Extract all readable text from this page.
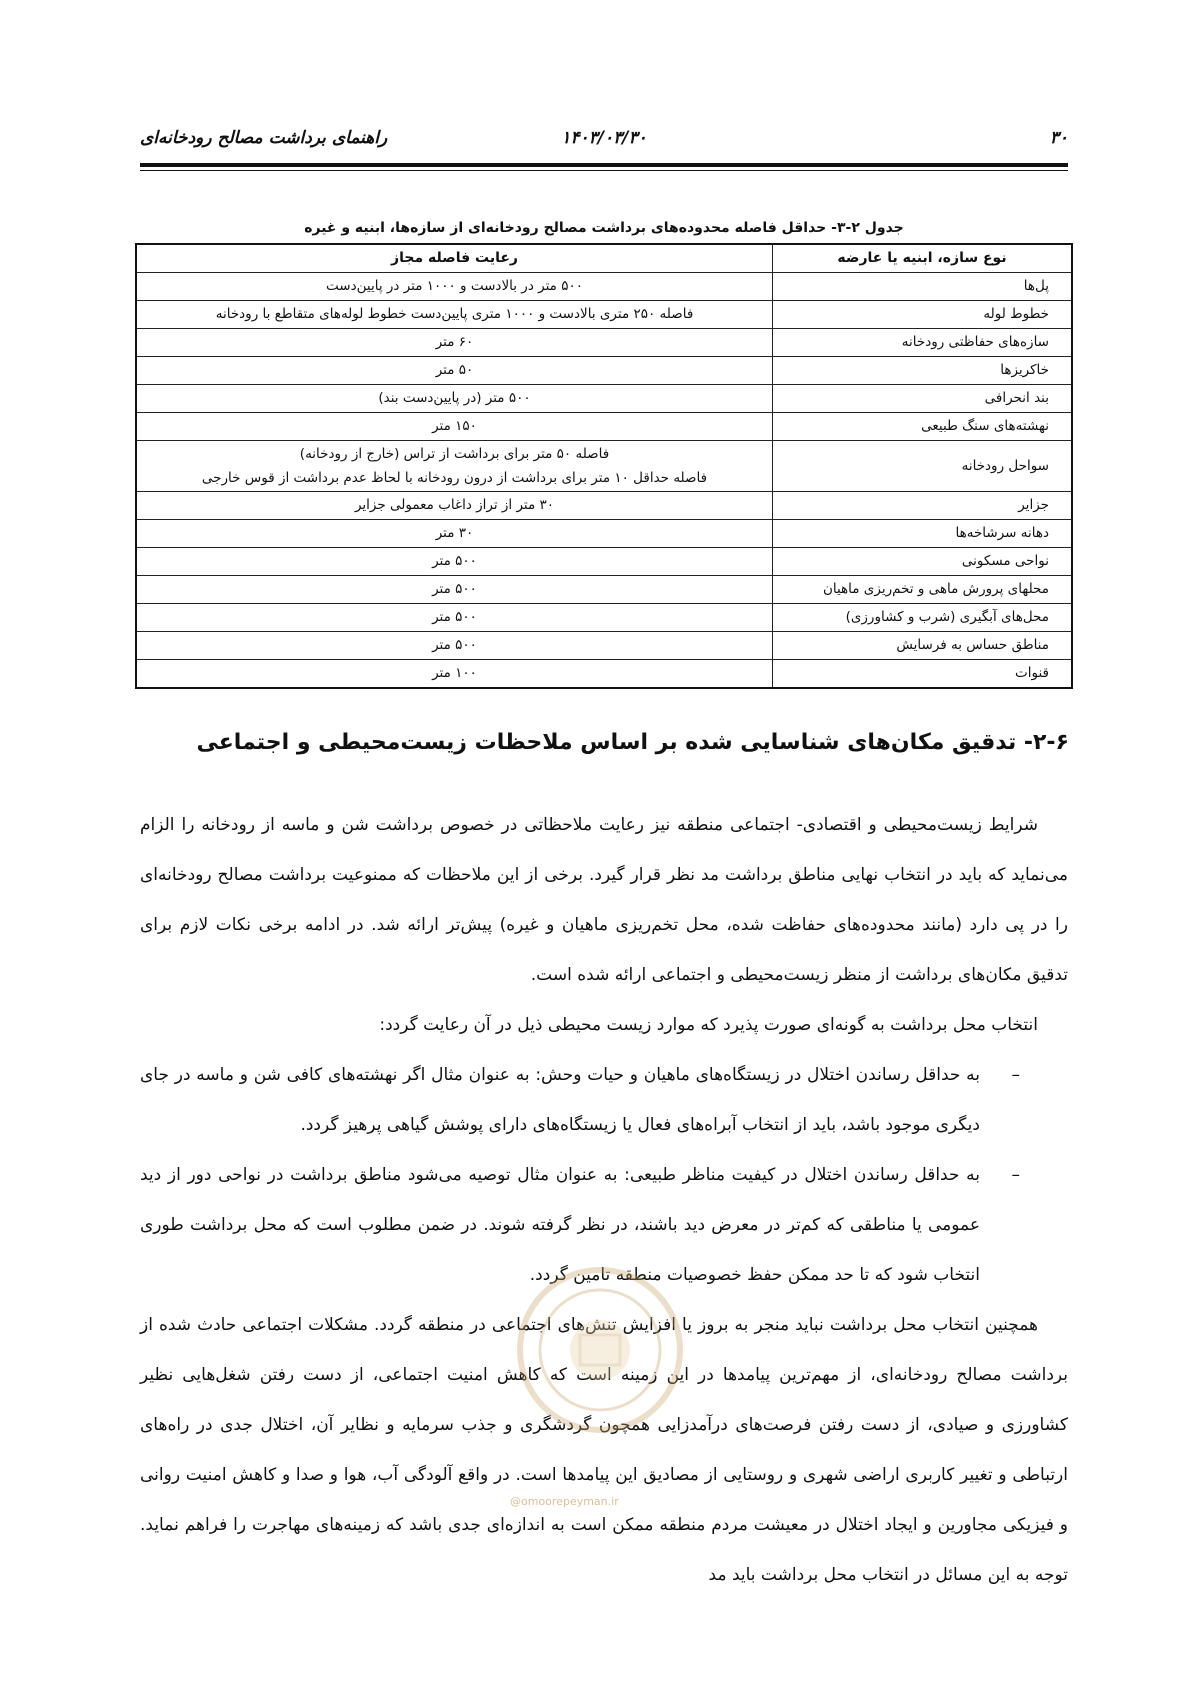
۳۰
۱۴۰۳/۰۳/۳۰
راهنمای برداشت مصالح رودخانه‌ای
جدول ۲-۳- حداقل فاصله محدوده‌های برداشت مصالح رودخانه‌ای از سازه‌ها، ابنیه و غیره
نوع سازه، ابنیه یا عارضه	رعایت فاصله مجاز
پل‌ها	۵۰۰ متر در بالادست و ۱۰۰۰ متر در پایین‌دست
خطوط لوله	فاصله ۲۵۰ متری بالادست و ۱۰۰۰ متری پایین‌دست خطوط لوله‌های متقاطع با رودخانه
سازه‌های حفاظتی رودخانه	۶۰ متر
خاکریزها	۵۰ متر
بند انحرافی	۵۰۰ متر (در پایین‌دست بند)
نهشته‌های سنگ طبیعی	۱۵۰ متر
سواحل رودخانه	فاصله ۵۰ متر برای برداشت از تراس (خارج از رودخانه)
فاصله حداقل ۱۰ متر برای برداشت از درون رودخانه با لحاظ عدم برداشت از قوس خارجی

جزایر	۳۰ متر از تراز داغاب معمولی جزایر
دهانه سرشاخه‌ها	۳۰ متر
نواحی مسکونی	۵۰۰ متر
محلهای پرورش ماهی و تخم‌ریزی ماهیان	۵۰۰ متر
محل‌های آبگیری (شرب و کشاورزی)	۵۰۰ متر
مناطق حساس به فرسایش	۵۰۰ متر
قنوات	۱۰۰ متر
۲-۶- تدقیق مکان‌های شناسایی شده بر اساس ملاحظات زیست‌محیطی و اجتماعی

شرایط زیست‌محیطی و اقتصادی- اجتماعی منطقه نیز رعایت ملاحظاتی در خصوص برداشت شن و ماسه از رودخانه را الزام می‌نماید که باید در انتخاب نهایی مناطق برداشت مد نظر قرار گیرد. برخی از این ملاحظات که ممنوعیت برداشت مصالح رودخانه‌ای را در پی دارد (مانند محدوده‌های حفاظت شده، محل تخم‌ریزی ماهیان و غیره) پیش‌تر ارائه شد. در ادامه برخی نکات لازم برای تدقیق مکان‌های برداشت از منظر زیست‌محیطی و اجتماعی ارائه شده است.

انتخاب محل برداشت به گونه‌ای صورت پذیرد که موارد زیست محیطی ذیل در آن رعایت گردد:

–
به حداقل رساندن اختلال در زیستگاه‌های ماهیان و حیات وحش: به عنوان مثال اگر نهشته‌های کافی شن و ماسه در جای دیگری موجود باشد، باید از انتخاب آبراه‌های فعال یا زیستگاه‌های دارای پوشش گیاهی پرهیز گردد.

–
به حداقل رساندن اختلال در کیفیت مناظر طبیعی: به عنوان مثال توصیه می‌شود مناطق برداشت در نواحی دور از دید عمومی یا مناطقی که کم‌تر در معرض دید باشند، در نظر گرفته شوند. در ضمن مطلوب است که محل برداشت طوری انتخاب شود که تا حد ممکن حفظ خصوصیات منطقه تامین گردد.

همچنین انتخاب محل برداشت نباید منجر به بروز یا افزایش تنش‌های اجتماعی در منطقه گردد. مشکلات اجتماعی حادث شده از برداشت مصالح رودخانه‌ای، از مهم‌ترین پیامدها در این زمینه است که کاهش امنیت اجتماعی، از دست رفتن شغل‌هایی نظیر کشاورزی و صیادی، از دست رفتن فرصت‌های درآمدزایی همچون گردشگری و جذب سرمایه و نظایر آن، اختلال جدی در راه‌های ارتباطی و تغییر کاربری اراضی شهری و روستایی از مصادیق این پیامدها است. در واقع آلودگی آب، هوا و صدا و کاهش امنیت روانی و فیزیکی مجاورین و ایجاد اختلال در معیشت مردم منطقه ممکن است به اندازه‌ای جدی باشد که زمینه‌های مهاجرت را فراهم نماید. توجه به این مسائل در انتخاب محل برداشت باید مد

@omoorepeyman.ir
